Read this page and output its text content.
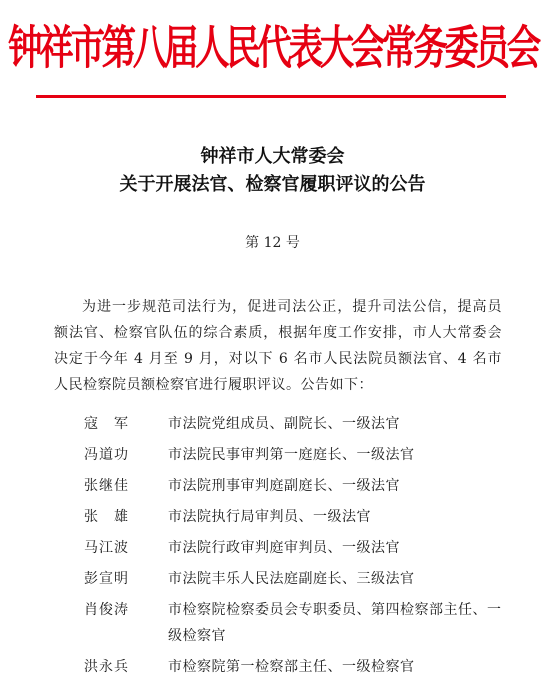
钟祥市第八届人民代表大会常务委员会
钟祥市人大常委会
关于开展法官、检察官履职评议的公告
第 12 号

为进一步规范司法行为，促进司法公正，提升司法公信，提高员额法官、检察官队伍的综合素质，根据年度工作安排，市人大常委会决定于今年 4 月至 9 月，对以下 6 名市人民法院员额法官、4 名市人民检察院员额检察官进行履职评议。公告如下：

寇　军	市法院党组成员、副院长、一级法官
冯道功	市法院民事审判第一庭庭长、一级法官
张继佳	市法院刑事审判庭副庭长、一级法官
张　雄	市法院执行局审判员、一级法官
马江波	市法院行政审判庭审判员、一级法官
彭宣明	市法院丰乐人民法庭副庭长、三级法官
肖俊涛	市检察院检察委员会专职委员、第四检察部主任、一级检察官
洪永兵	市检察院第一检察部主任、一级检察官
